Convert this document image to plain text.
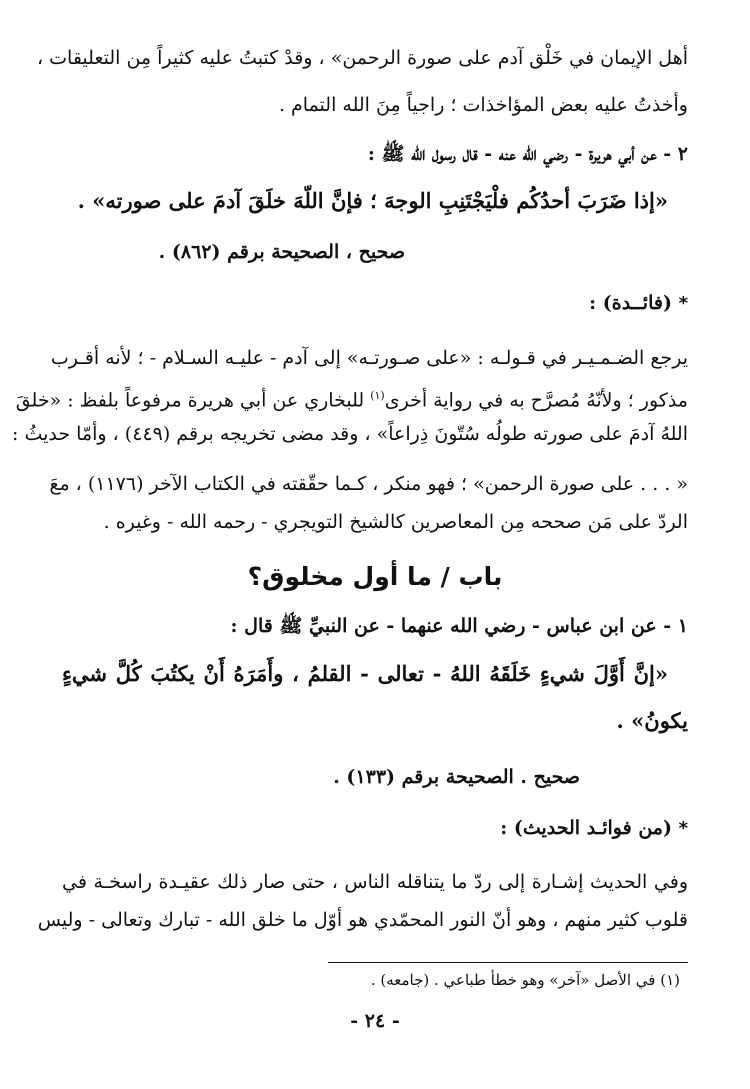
أهل الإيمان في خَلْق آدم على صورة الرحمن» ، وقدْ كتبتُ عليه كثيراً مِن التعليقات ،
وأخذتُ عليه بعض المؤاخذات ؛ راجياً مِنَ الله التمام .
٢ - عن أبي هريرة - رضي الله عنه - قال رسول الله ﷺ :
«إذا ضَرَبَ أحدُكُم فلْيَجْتَنِبِ الوجهَ ؛ فإنَّ اللّهَ خلَقَ آدمَ على صورته» .
صحيح ، الصحيحة برقم (٨٦٢) .
* (فائــدة) :
يرجع الضـمـيـر في قـولـه : «على صـورتـه» إلى آدم - عليـه السـلام - ؛ لأنه أقـرب
مذكور ؛ ولأنّهُ مُصرَّح به في رواية أخرى$^{(١)}$ للبخاري عن أبي هريرة مرفوعاً بلفظ : «خلقَ
اللهُ آدمَ على صورته طولُه سُتّونَ ذِراعاً» ، وقد مضى تخريجه برقم (٤٤٩) ، وأمّا حديثُ :
« . . . على صورة الرحمن» ؛ فهو منكر ، كـما حقّقته في الكتاب الآخر (١١٧٦) ، معَ
الردّ على مَن صححه مِن المعاصرين كالشيخ التويجري - رحمه الله - وغيره .
باب / ما أول مخلوق؟
١ - عن ابن عباس - رضي الله عنهما - عن النبيِّ ﷺ قال :
«إنَّ أَوَّلَ شيءٍ خَلَقَهُ اللهُ - تعالى - القلمُ ، وأَمَرَهُ أَنْ يكتُبَ كُلَّ شيءٍ
يكونُ» .
صحيح . الصحيحة برقم (١٣٣) .
* (من فوائـد الحديث) :
وفي الحديث إشـارة إلى ردّ ما يتناقله الناس ، حتى صار ذلك عقيـدة راسخـة في
قلوب كثير منهم ، وهو أنّ النور المحمّدي هو أوّل ما خلق الله - تبارك وتعالى - وليس
(١) في الأصل «آخر» وهو خطأ طباعي . (جامعه) .
- ٢٤ -
